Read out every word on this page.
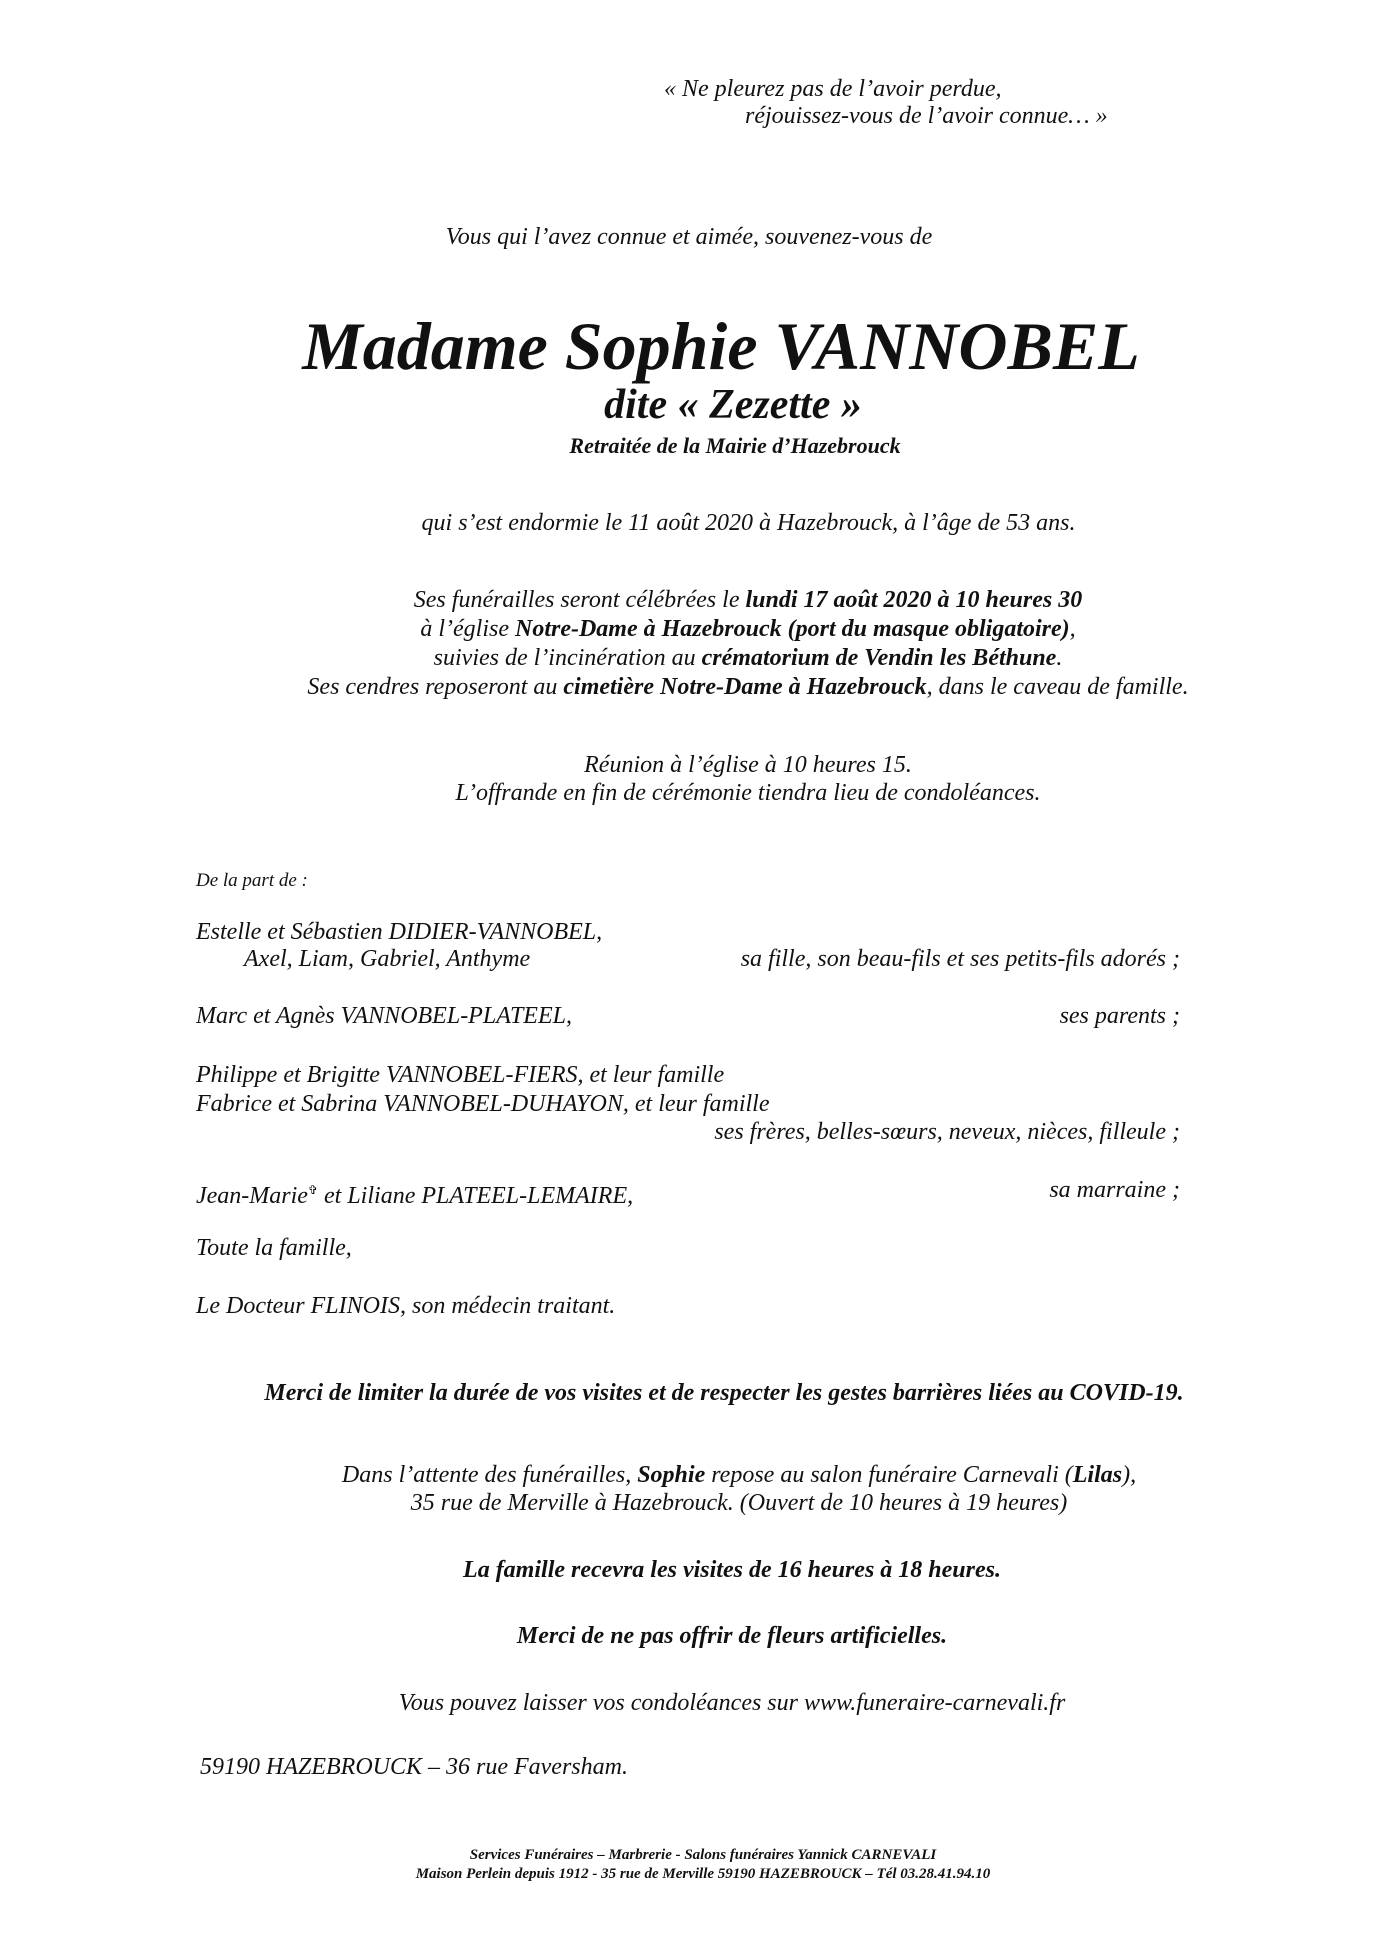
« Ne pleurez pas de l’avoir perdue,
réjouissez-vous de l’avoir connue… »
Vous qui l’avez connue et aimée, souvenez-vous de
Madame Sophie VANNOBEL
dite « Zezette »
Retraitée de la Mairie d’Hazebrouck
qui s’est endormie le 11 août 2020 à Hazebrouck, à l’âge de 53 ans.
Ses funérailles seront célébrées le lundi 17 août 2020 à 10 heures 30
à l’église Notre-Dame à Hazebrouck (port du masque obligatoire),
suivies de l’incinération au crématorium de Vendin les Béthune.
Ses cendres reposeront au cimetière Notre-Dame à Hazebrouck, dans le caveau de famille.
Réunion à l’église à 10 heures 15.
L’offrande en fin de cérémonie tiendra lieu de condoléances.
De la part de :
Estelle et Sébastien DIDIER-VANNOBEL,
Axel, Liam, Gabriel, Anthyme	sa fille, son beau-fils et ses petits-fils adorés ;
Marc et Agnès VANNOBEL-PLATEEL,	ses parents ;
Philippe et Brigitte VANNOBEL-FIERS, et leur famille
Fabrice et Sabrina VANNOBEL-DUHAYON, et leur famille
ses frères, belles-sœurs, neveux, nièces, filleule ;
Jean-Marie✞ et Liliane PLATEEL-LEMAIRE,	sa marraine ;
Toute la famille,
Le Docteur FLINOIS, son médecin traitant.
Merci de limiter la durée de vos visites et de respecter les gestes barrières liées au COVID-19.
Dans l’attente des funérailles, Sophie repose au salon funéraire Carnevali (Lilas),
35 rue de Merville à Hazebrouck. (Ouvert de 10 heures à 19 heures)
La famille recevra les visites de 16 heures à 18 heures.
Merci de ne pas offrir de fleurs artificielles.
Vous pouvez laisser vos condoléances sur www.funeraire-carnevali.fr
59190 HAZEBROUCK – 36 rue Faversham.
Services Funéraires – Marbrerie - Salons funéraires Yannick CARNEVALI
Maison Perlein depuis 1912 - 35 rue de Merville 59190 HAZEBROUCK – Tél 03.28.41.94.10
